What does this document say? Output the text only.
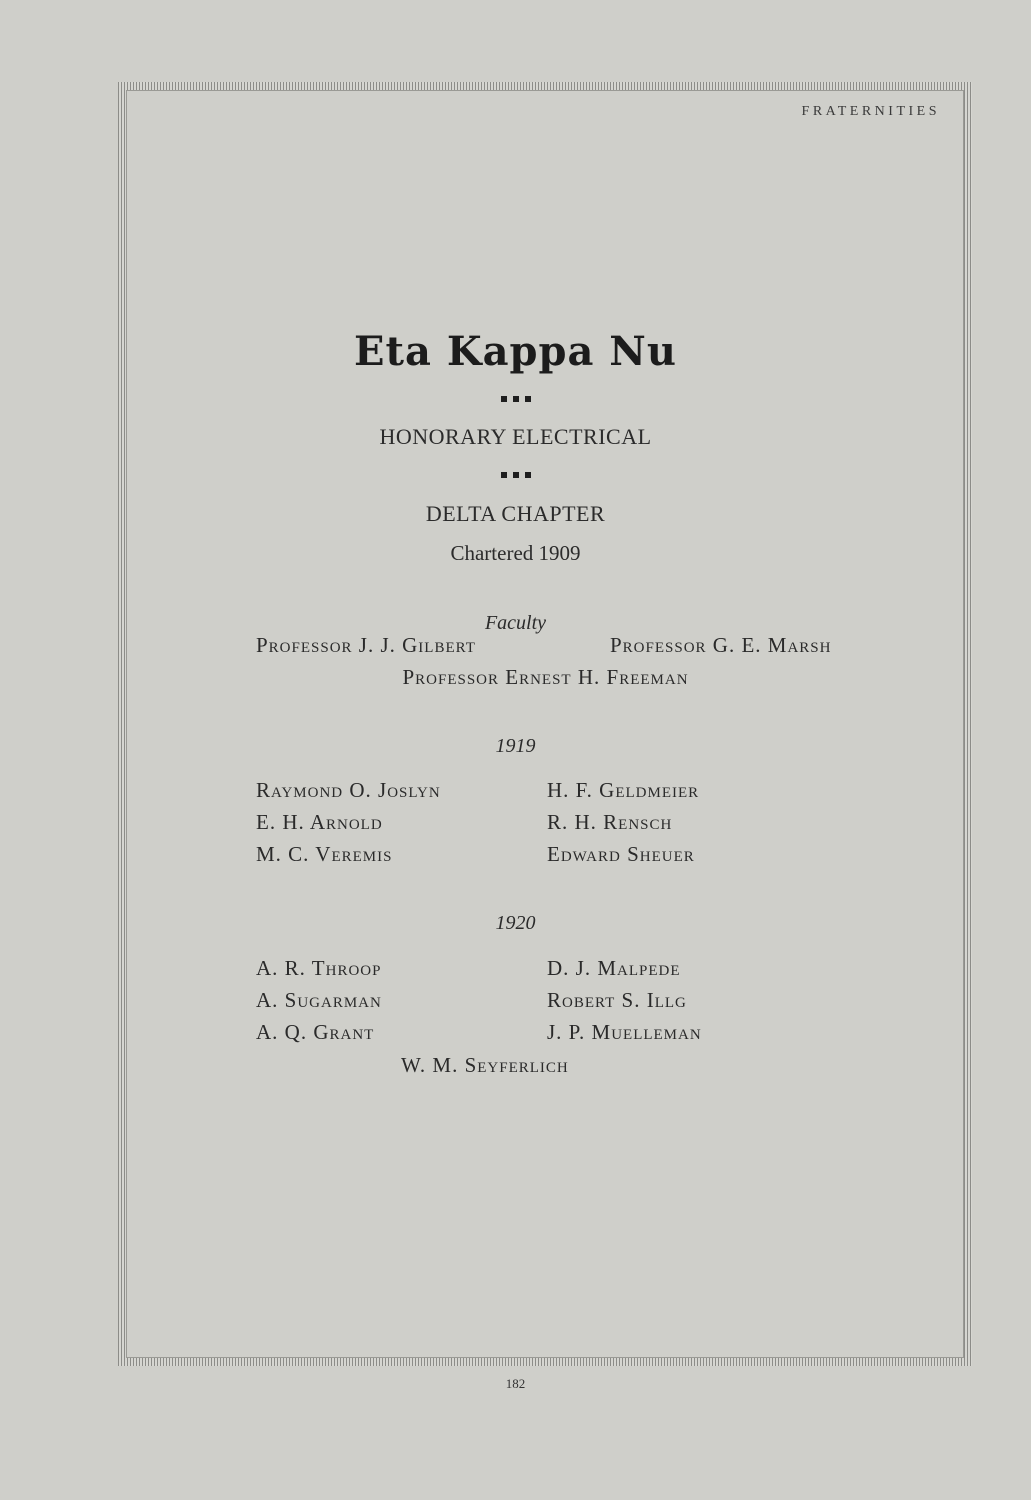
FRATERNITIES
Eta Kappa Nu
HONORARY ELECTRICAL
DELTA CHAPTER
Chartered 1909
Faculty
Professor J. J. Gilbert	Professor G. E. Marsh
Professor Ernest H. Freeman
1919
Raymond O. Joslyn
E. H. Arnold
M. C. Veremis
H. F. Geldmeier
R. H. Rensch
Edward Sheuer
1920
A. R. Throop
A. Sugarman
A. Q. Grant
D. J. Malpede
Robert S. Illg
J. P. Muelleman
W. M. Seyferlich
182
